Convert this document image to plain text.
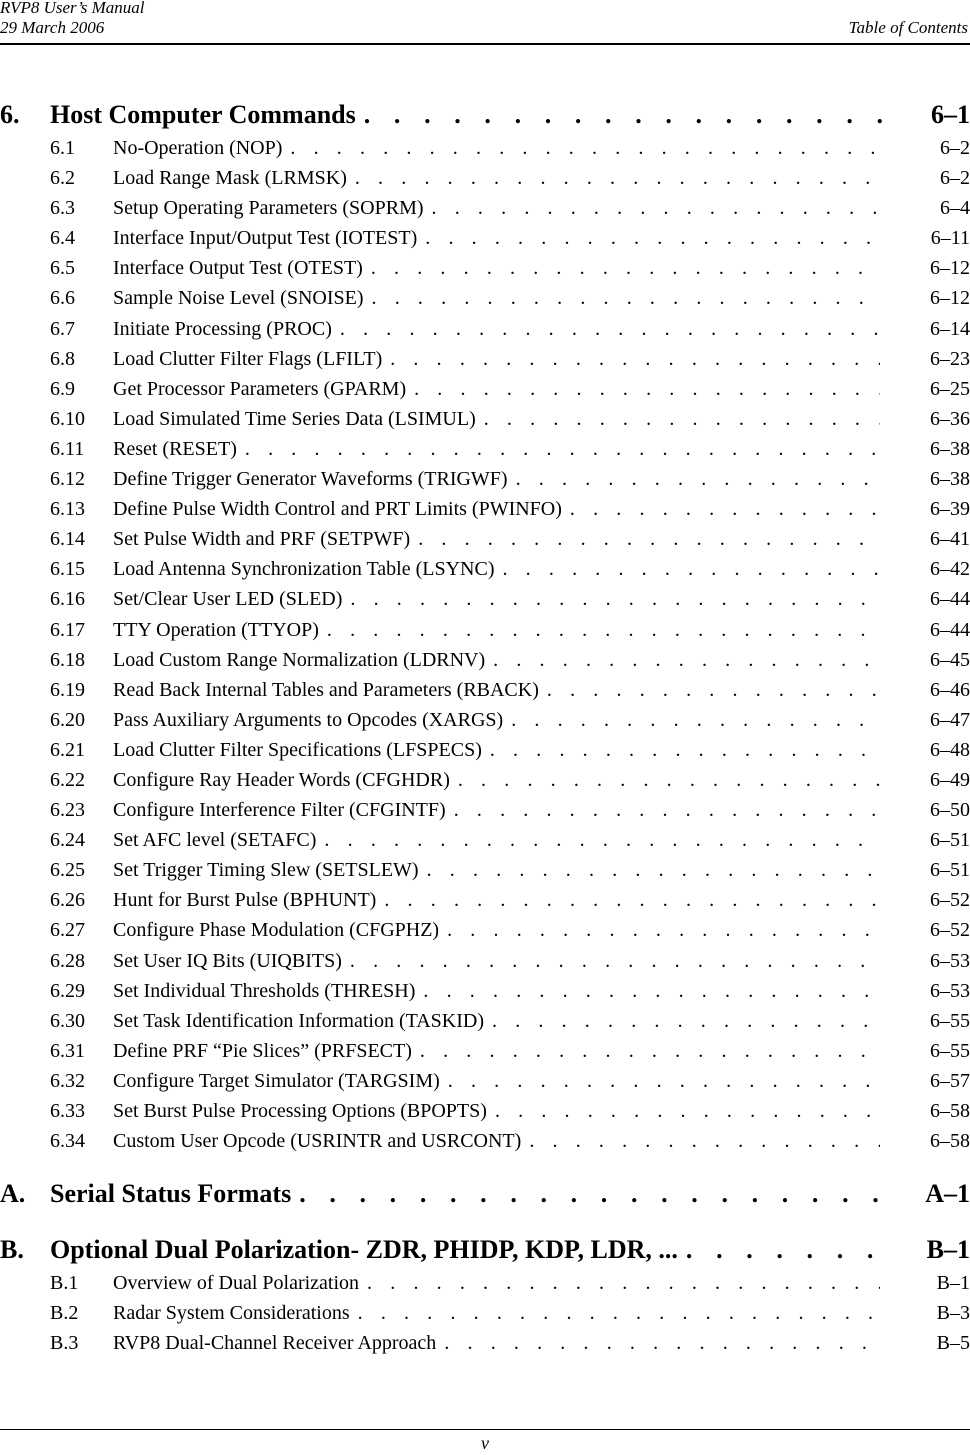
RVP8 User’s Manual
29 March 2006	Table of Contents
6.	Host Computer Commands . . .	6–1
6.1	No-Operation (NOP) . . .	6–2
6.2	Load Range Mask (LRMSK) . . .	6–2
6.3	Setup Operating Parameters (SOPRM) . . .	6–4
6.4	Interface Input/Output Test (IOTEST) . . .	6–11
6.5	Interface Output Test (OTEST) . . .	6–12
6.6	Sample Noise Level (SNOISE) . . .	6–12
6.7	Initiate Processing (PROC) . . .	6–14
6.8	Load Clutter Filter Flags (LFILT) . . .	6–23
6.9	Get Processor Parameters (GPARM) . . .	6–25
6.10	Load Simulated Time Series Data (LSIMUL) . . .	6–36
6.11	Reset (RESET) . . .	6–38
6.12	Define Trigger Generator Waveforms (TRIGWF) . . .	6–38
6.13	Define Pulse Width Control and PRT Limits (PWINFO) . . .	6–39
6.14	Set Pulse Width and PRF (SETPWF) . . .	6–41
6.15	Load Antenna Synchronization Table (LSYNC) . . .	6–42
6.16	Set/Clear User LED (SLED) . . .	6–44
6.17	TTY Operation (TTYOP) . . .	6–44
6.18	Load Custom Range Normalization (LDRNV) . . .	6–45
6.19	Read Back Internal Tables and Parameters (RBACK) . . .	6–46
6.20	Pass Auxiliary Arguments to Opcodes (XARGS) . . .	6–47
6.21	Load Clutter Filter Specifications (LFSPECS) . . .	6–48
6.22	Configure Ray Header Words (CFGHDR) . . .	6–49
6.23	Configure Interference Filter (CFGINTF) . . .	6–50
6.24	Set AFC level (SETAFC) . . .	6–51
6.25	Set Trigger Timing Slew (SETSLEW) . . .	6–51
6.26	Hunt for Burst Pulse (BPHUNT) . . .	6–52
6.27	Configure Phase Modulation (CFGPHZ) . . .	6–52
6.28	Set User IQ Bits (UIQBITS) . . .	6–53
6.29	Set Individual Thresholds (THRESH) . . .	6–53
6.30	Set Task Identification Information (TASKID) . . .	6–55
6.31	Define PRF “Pie Slices” (PRFSECT) . . .	6–55
6.32	Configure Target Simulator (TARGSIM) . . .	6–57
6.33	Set Burst Pulse Processing Options (BPOPTS) . . .	6–58
6.34	Custom User Opcode (USRINTR and USRCONT) . . .	6–58
A. Serial Status Formats . . .	A–1
B.	Optional Dual Polarization- ZDR, PHIDP, KDP, LDR, ... . . .	B–1
B.1	Overview of Dual Polarization . . .	B–1
B.2	Radar System Considerations . . .	B–3
B.3	RVP8 Dual-Channel Receiver Approach . . .	B–5
v
